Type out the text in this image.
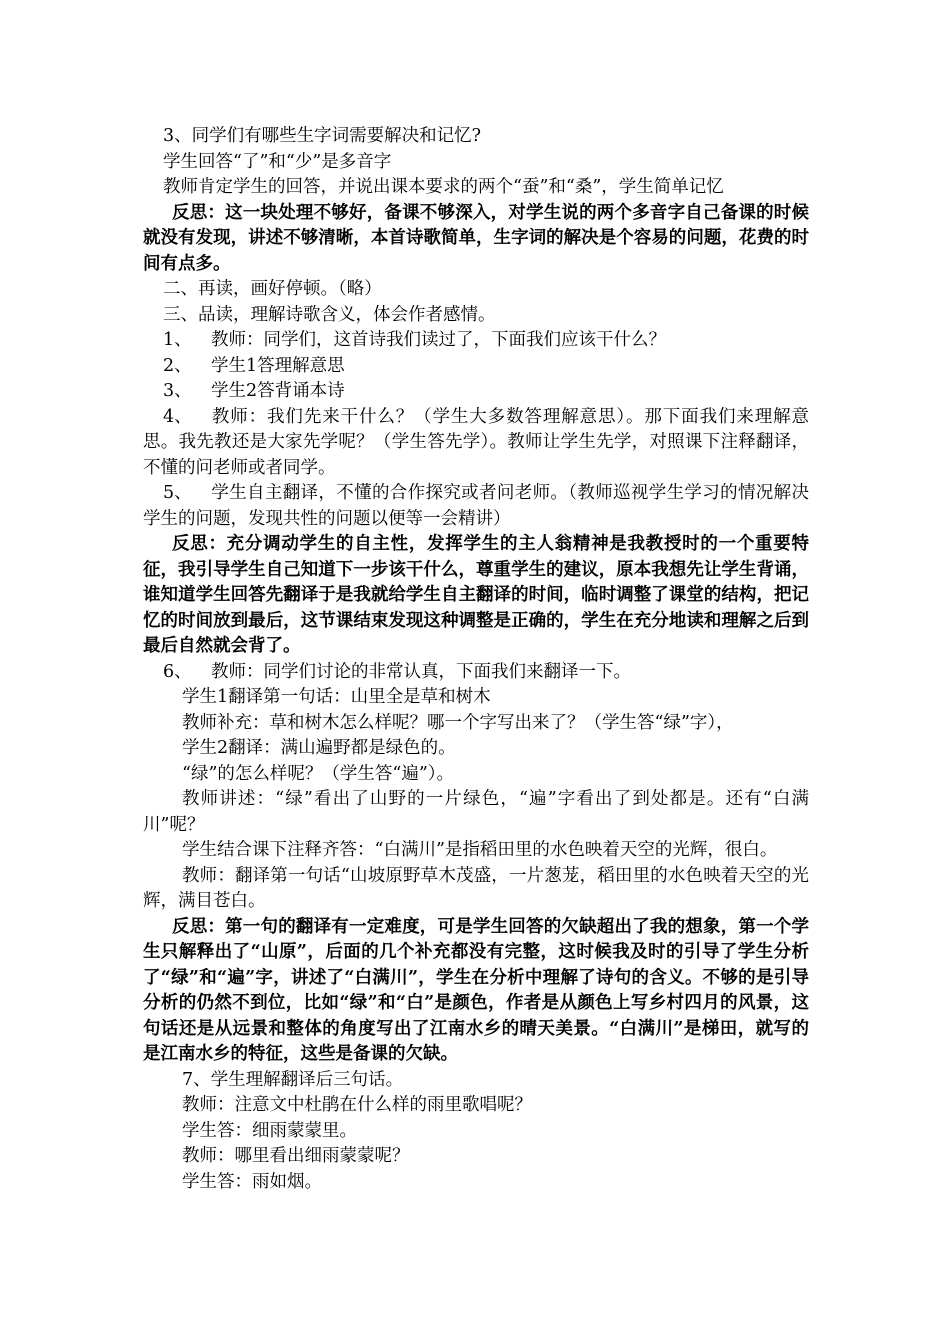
3、同学们有哪些生字词需要解决和记忆?

学生回答“了”和“少”是多音字

教师肯定学生的回答，并说出课本要求的两个“蚕”和“桑”，学生简单记忆

反思：这一块处理不够好，备课不够深入，对学生说的两个多音字自己备课的时候就没有发现，讲述不够清晰，本首诗歌简单，生字词的解决是个容易的问题，花费的时间有点多。

二、再读，画好停顿。（略）

三、品读，理解诗歌含义，体会作者感情。

1、 教师：同学们，这首诗我们读过了，下面我们应该干什么？

2、 学生1答理解意思

3、 学生2答背诵本诗

4、 教师：我们先来干什么？（学生大多数答理解意思）。那下面我们来理解意思。我先教还是大家先学呢？（学生答先学）。教师让学生先学，对照课下注释翻译，不懂的问老师或者同学。

5、 学生自主翻译，不懂的合作探究或者问老师。（教师巡视学生学习的情况解决学生的问题，发现共性的问题以便等一会精讲）

反思：充分调动学生的自主性，发挥学生的主人翁精神是我教授时的一个重要特征，我引导学生自己知道下一步该干什么，尊重学生的建议，原本我想先让学生背诵，谁知道学生回答先翻译于是我就给学生自主翻译的时间，临时调整了课堂的结构，把记忆的时间放到最后，这节课结束发现这种调整是正确的，学生在充分地读和理解之后到最后自然就会背了。

6、 教师：同学们讨论的非常认真，下面我们来翻译一下。

学生1翻译第一句话：山里全是草和树木

教师补充：草和树木怎么样呢？哪一个字写出来了？（学生答“绿”字），

学生2翻译：满山遍野都是绿色的。

“绿”的怎么样呢？（学生答“遍”）。

教师讲述：“绿”看出了山野的一片绿色，“遍”字看出了到处都是。还有“白满川”呢？

学生结合课下注释齐答：“白满川”是指稻田里的水色映着天空的光辉，很白。

教师：翻译第一句话“山坡原野草木茂盛，一片葱茏，稻田里的水色映着天空的光辉，满目苍白。

反思：第一句的翻译有一定难度，可是学生回答的欠缺超出了我的想象，第一个学生只解释出了“山原”，后面的几个补充都没有完整，这时候我及时的引导了学生分析了“绿”和“遍”字，讲述了“白满川”，学生在分析中理解了诗句的含义。不够的是引导分析的仍然不到位，比如“绿”和“白”是颜色，作者是从颜色上写乡村四月的风景，这句话还是从远景和整体的角度写出了江南水乡的晴天美景。“白满川”是梯田，就写的是江南水乡的特征，这些是备课的欠缺。

7、学生理解翻译后三句话。

教师：注意文中杜鹃在什么样的雨里歌唱呢？

学生答：细雨蒙蒙里。

教师：哪里看出细雨蒙蒙呢？

学生答：雨如烟。
